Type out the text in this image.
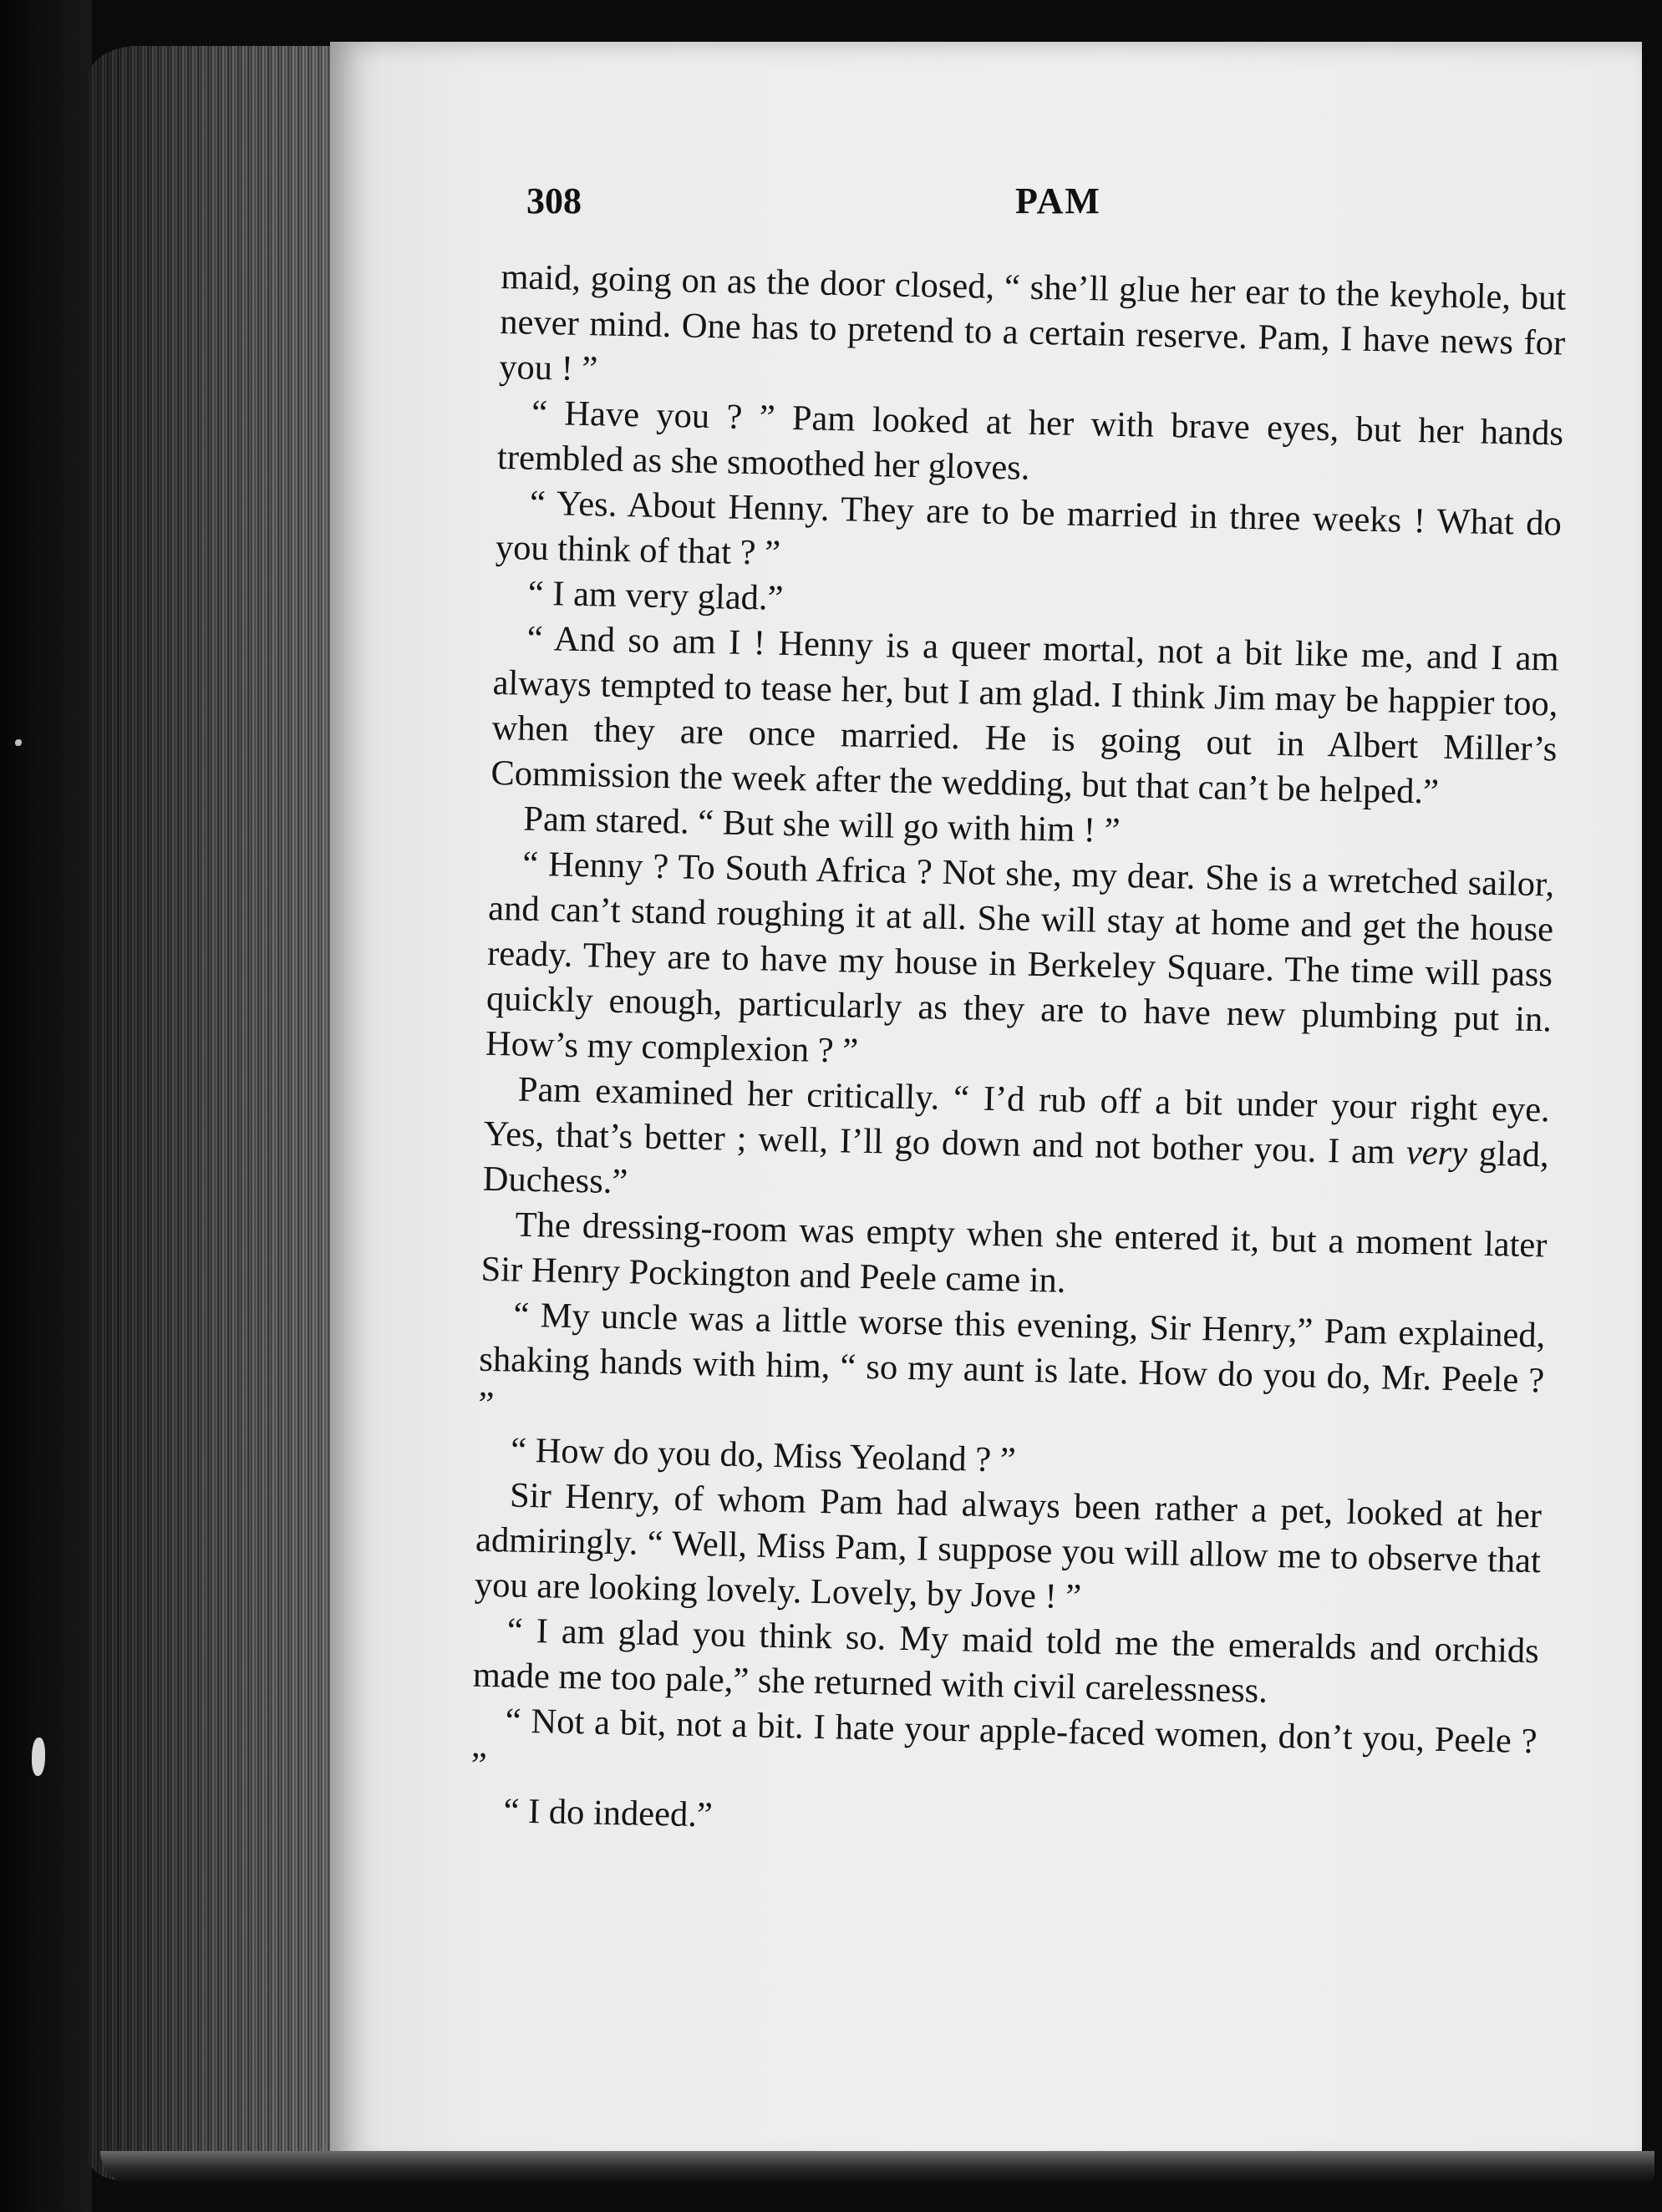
308	PAM

maid, going on as the door closed, “ she’ll glue her ear to the keyhole, but never mind. One has to pretend to a certain reserve. Pam, I have news for you ! ”

“ Have you ? ” Pam looked at her with brave eyes, but her hands trembled as she smoothed her gloves.

“ Yes. About Henny. They are to be married in three weeks ! What do you think of that ? ”

“ I am very glad.”

“ And so am I ! Henny is a queer mortal, not a bit like me, and I am always tempted to tease her, but I am glad. I think Jim may be happier too, when they are once married. He is going out in Albert Miller’s Commission the week after the wedding, but that can’t be helped.”

Pam stared. “ But she will go with him ! ”

“ Henny ? To South Africa ? Not she, my dear. She is a wretched sailor, and can’t stand roughing it at all. She will stay at home and get the house ready. They are to have my house in Berkeley Square. The time will pass quickly enough, particularly as they are to have new plumbing put in. How’s my complexion ? ”

Pam examined her critically. “ I’d rub off a bit under your right eye. Yes, that’s better ; well, I’ll go down and not bother you. I am very glad, Duchess.”

The dressing-room was empty when she entered it, but a moment later Sir Henry Pockington and Peele came in.

“ My uncle was a little worse this evening, Sir Henry,” Pam explained, shaking hands with him, “ so my aunt is late. How do you do, Mr. Peele ? ”

“ How do you do, Miss Yeoland ? ”

Sir Henry, of whom Pam had always been rather a pet, looked at her admiringly. “ Well, Miss Pam, I suppose you will allow me to observe that you are looking lovely. Lovely, by Jove ! ”

“ I am glad you think so. My maid told me the emeralds and orchids made me too pale,” she returned with civil carelessness.

“ Not a bit, not a bit. I hate your apple-faced women, don’t you, Peele ? ”

“ I do indeed.”
